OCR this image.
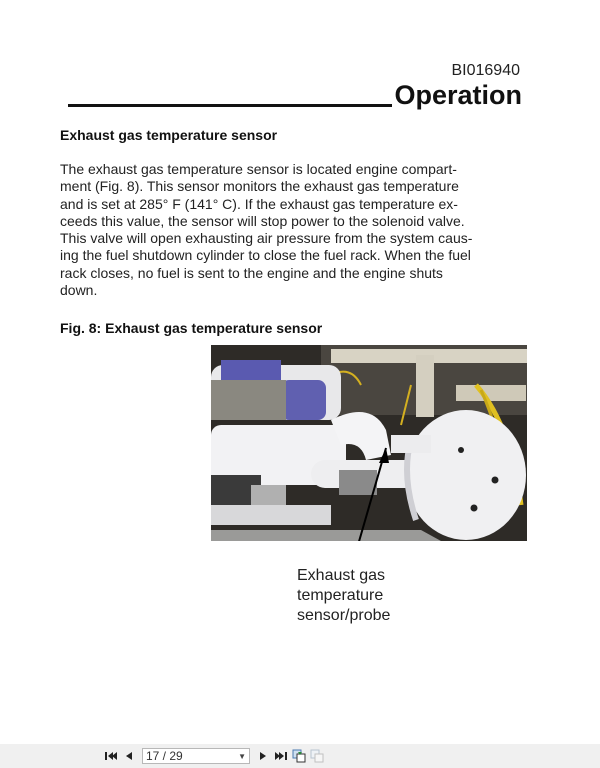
BI016940
Operation
Exhaust gas temperature sensor
The exhaust gas temperature sensor is located engine compart-
ment (Fig. 8). This sensor monitors the exhaust gas temperature
and is set at 285° F (141° C). If the exhaust gas temperature ex-
ceeds this value, the sensor will stop power to the solenoid valve.
This valve will open exhausting air pressure from the system caus-
ing the fuel shutdown cylinder to close the fuel rack. When the fuel
rack closes, no fuel is sent to the engine and the engine shuts
down.
Fig. 8: Exhaust gas temperature sensor
Exhaust gas
temperature
sensor/probe
17 / 29	▼
